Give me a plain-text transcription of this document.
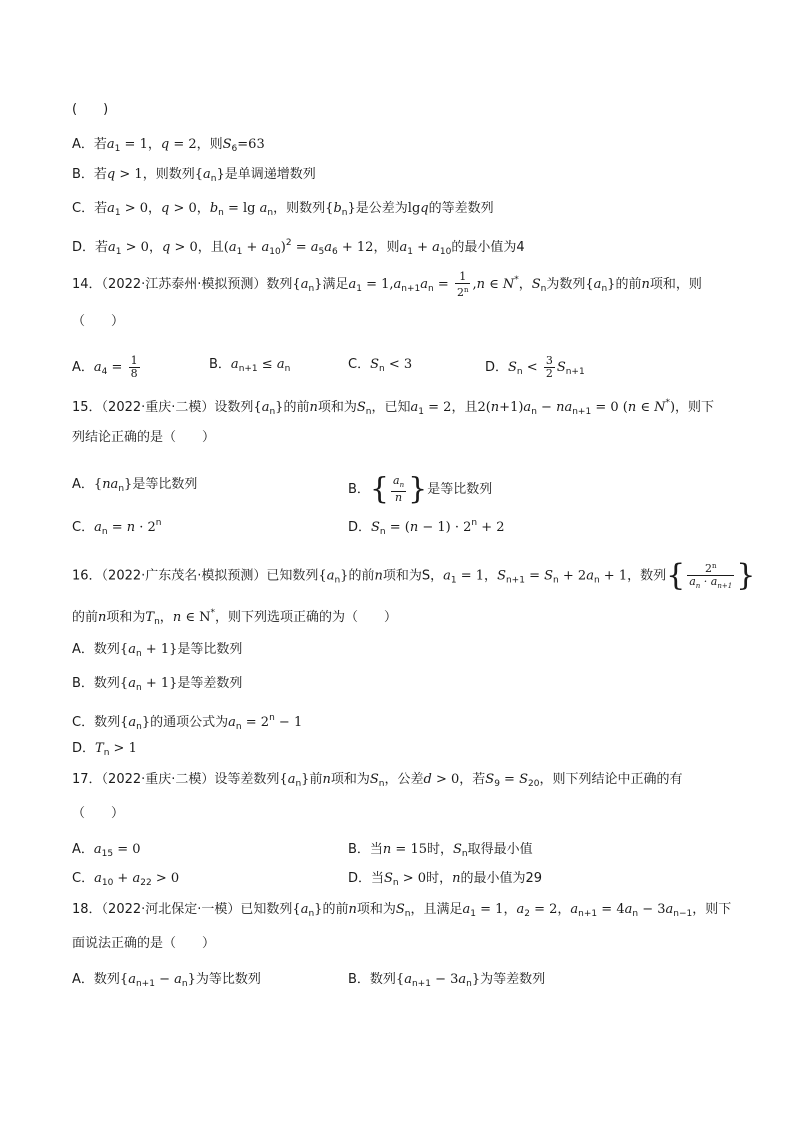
(　　)
A．若$a_1 = 1$，q = 2，则$S_6=63$
B．若q > 1，则数列$\{a_n\}$是单调递增数列
C．若$a_1 > 0$，q > 0，$b_n = \lg a_n$，则数列$\{b_n\}$是公差为lgq的等差数列
D．若$a_1 > 0$，q > 0，且$(a_1 + a_{10})^2 = a_5a_6 + 12$，则$a_1 + a_{10}$的最小值为4
14．（2022·江苏泰州·模拟预测）数列$\{a_n\}$满足$a_1 = 1,a_{n+1}a_n = \frac{1}{2^n} ,n$ ∈ N*，$S_n$为数列$\{a_n\}$的前n项和，则
（　　）
A．$a_4 = \frac{1}{8}$	B．$a_{n+1} \le a_n$	C．$S_n < 3$	D．$S_n < \frac{3}{2} S_{n+1}$
15．（2022·重庆·二模）设数列$\{a_n\}$的前n项和为$S_n$，已知$a_1 = 2$，且$2(n+1)a_n - na_{n+1} = 0$ (n ∈ N*)，则下
列结论正确的是（　　）
A．$\{na_n\}$是等比数列	B．{ $\frac{a_n}{n}$ }是等比数列
C．$a_n = n \cdot 2^n$	D．$S_n = (n - 1) \cdot 2^n + 2$
16．（2022·广东茂名·模拟预测）已知数列$\{a_n\}$的前n项和为S，$a_1 = 1$，$S_{n+1} = S_n + 2a_n + 1$，数列{ $\frac{2^n}{a_n \cdot a_{n+1}}$ }
的前n项和为$T_n$，n ∈ N*，则下列选项正确的为（　　）
A．数列$\{a_n + 1\}$是等比数列
B．数列$\{a_n + 1\}$是等差数列
C．数列$\{a_n\}$的通项公式为$a_n = 2^n - 1$
D．$T_n > 1$
17．（2022·重庆·二模）设等差数列$\{a_n\}$前n项和为$S_n$，公差d > 0，若$S_9 = S_{20}$，则下列结论中正确的有
（　　）
A．$a_{15} = 0$	B．当n = 15时，$S_n$取得最小值
C．$a_{10} + a_{22} > 0$	D．当$S_n > 0$时，n的最小值为29
18．（2022·河北保定·一模）已知数列$\{a_n\}$的前n项和为$S_n$，且满足$a_1 = 1$，$a_2 = 2$，$a_{n+1} = 4a_n - 3a_{n-1}$，则下
面说法正确的是（　　）
A．数列$\{a_{n+1} - a_n\}$为等比数列	B．数列$\{a_{n+1} - 3a_n\}$为等差数列
